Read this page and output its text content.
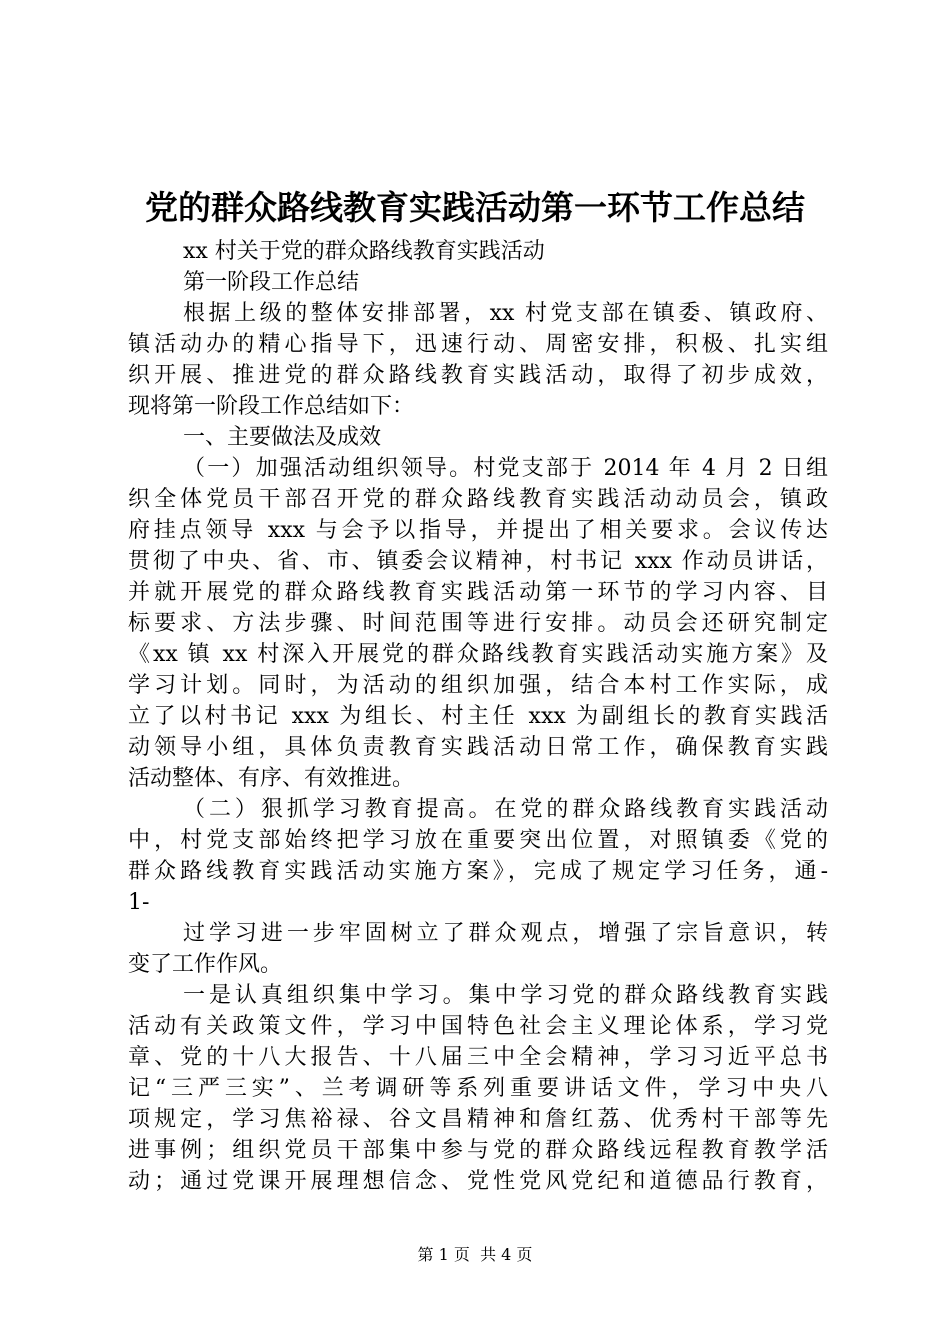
党的群众路线教育实践活动第一环节工作总结
xx 村关于党的群众路线教育实践活动
第一阶段工作总结
根据上级的整体安排部署，xx 村党支部在镇委、镇政府、
镇活动办的精心指导下，迅速行动、周密安排，积极、扎实组
织开展、推进党的群众路线教育实践活动，取得了初步成效，
现将第一阶段工作总结如下：
一、主要做法及成效
（一）加强活动组织领导。村党支部于 2014 年 4 月 2 日组
织全体党员干部召开党的群众路线教育实践活动动员会，镇政
府挂点领导 xxx 与会予以指导，并提出了相关要求。会议传达
贯彻了中央、省、市、镇委会议精神，村书记 xxx 作动员讲话，
并就开展党的群众路线教育实践活动第一环节的学习内容、目
标要求、方法步骤、时间范围等进行安排。动员会还研究制定
《xx 镇 xx 村深入开展党的群众路线教育实践活动实施方案》及
学习计划。同时，为活动的组织加强，结合本村工作实际，成
立了以村书记 xxx 为组长、村主任 xxx 为副组长的教育实践活
动领导小组，具体负责教育实践活动日常工作，确保教育实践
活动整体、有序、有效推进。
（二）狠抓学习教育提高。在党的群众路线教育实践活动
中，村党支部始终把学习放在重要突出位置，对照镇委《党的
群众路线教育实践活动实施方案》，完成了规定学习任务，通-
1-
过学习进一步牢固树立了群众观点，增强了宗旨意识，转
变了工作作风。
一是认真组织集中学习。集中学习党的群众路线教育实践
活动有关政策文件，学习中国特色社会主义理论体系，学习党
章、党的十八大报告、十八届三中全会精神，学习习近平总书
记“三严三实”、兰考调研等系列重要讲话文件，学习中央八
项规定，学习焦裕禄、谷文昌精神和詹红荔、优秀村干部等先
进事例；组织党员干部集中参与党的群众路线远程教育教学活
动；通过党课开展理想信念、党性党风党纪和道德品行教育，
第 1 页  共 4 页
